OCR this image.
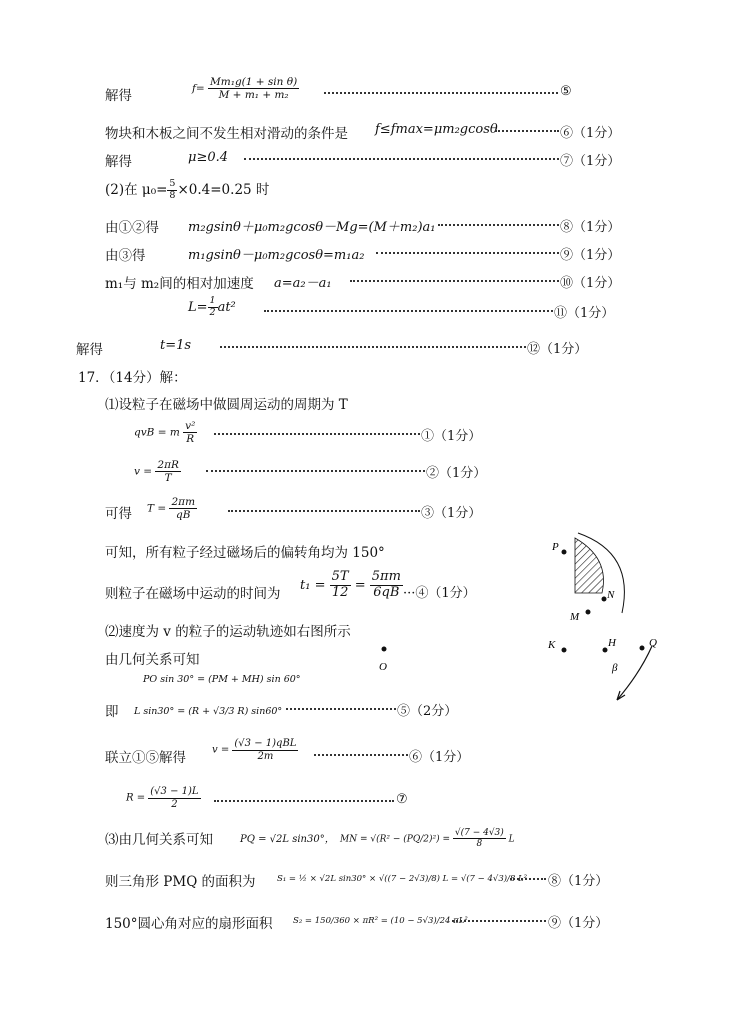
解得	$f= \frac{\text{Mm₁g(1 + sin θ)}}{\text{M + m₁ + m₂}}$	⑤
物块和木板之间不发生相对滑动的条件是 f≤fmax=μm₂gcosθ	⑥（1分）
解得	μ≥0.4	⑦（1分）
(2)在 $\mu_0= \frac{5}{8} \times 0.4=0.25$ 时
由①②得 m₂gsinθ＋μ₀m₂gcosθ－Mg=(M＋m₂)a₁	⑧（1分）
由③得	m₁gsinθ－μ₀m₂gcosθ=m₁a₂	⑨（1分）
m₁与 m₂间的相对加速度 a=a₂－a₁	⑩（1分）
$L= \frac{1}{2} at^2$	⑪（1分）
解得	t=1s	⑫（1分）
17．（14分）解：
⑴设粒子在磁场中做圆周运动的周期为 T
qvB = m $\frac{\text{v²}}{R}$	①（1分）
$v = \frac{2\pi R}{T}$	②（1分）
可得 $T = \frac{2\pi m}{qB}$	③（1分）
可知，所有粒子经过磁场后的偏转角均为 150°
则粒子在磁场中运动的时间为
$t_1 = \frac{5T}{12} = \frac{5\pi m}{6qB}$ ···④（1分）
⑵速度为 v 的粒子的运动轨迹如右图所示
由几何关系可知
PO sin 30° = (PM + MH) sin 60°
即 L sin30° = (R + √3/3 R) sin60°	⑤（2分）
联立①⑤解得	$v = \frac{\text{(√3 − 1)qBL}}{2m}$	⑥（1分）
$R = \frac{(√3 - 1)L}{2}$	⑦
⑶由几何关系可知	PQ = √2L sin30°， MN = $√(R^2 - (PQ/2)^2) = \frac{√(7 - 4√3)}{8}$ L
则三角形 PMQ 的面积为	S₁ = ½ × √2L sin30° × √((7 − 2√3)/8) L = √(7 − 4√3)/8 L² ⑧（1分）
150°圆心角对应的扇形面积 S₂ = 150/360 × πR² = (10 − 5√3)/24 πL²	⑨（1分）
P
N
M
K	H	Q
β
O
